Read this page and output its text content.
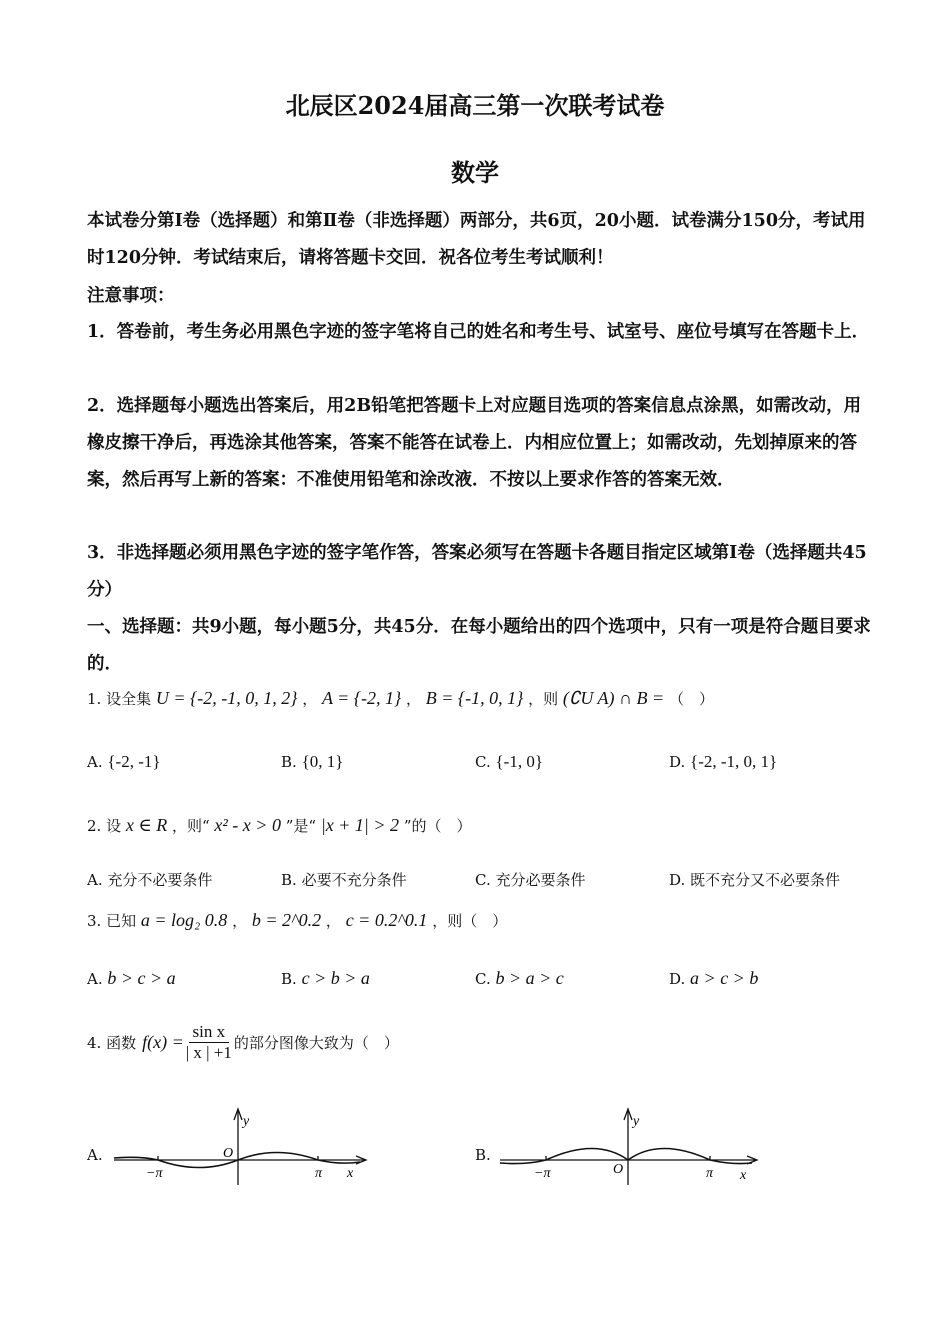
北辰区2024届高三第一次联考试卷
数学
本试卷分第Ⅰ卷（选择题）和第Ⅱ卷（非选择题）两部分，共6页，20小题．试卷满分150分，考试用时120分钟．考试结束后，请将答题卡交回．祝各位考生考试顺利！
注意事项：
1．答卷前，考生务必用黑色字迹的签字笔将自己的姓名和考生号、试室号、座位号填写在答题卡上．
2．选择题每小题选出答案后，用2B铅笔把答题卡上对应题目选项的答案信息点涂黑，如需改动，用橡皮擦干净后，再选涂其他答案，答案不能答在试卷上．内相应位置上；如需改动，先划掉原来的答案，然后再写上新的答案：不准使用铅笔和涂改液．不按以上要求作答的答案无效．
3．非选择题必须用黑色字迹的签字笔作答，答案必须写在答题卡各题目指定区域第Ⅰ卷（选择题共45分）
一、选择题：共9小题，每小题5分，共45分．在每小题给出的四个选项中，只有一项是符合题目要求的．
1. 设全集 U = {-2, -1, 0, 1, 2} ， A = {-2, 1} ， B = {-1, 0, 1} ，则 (∁U A) ∩ B = （　）
A. {-2, -1}	B. {0, 1}	C. {-1, 0}	D. {-2, -1, 0, 1}
2. 设 x ∈ R ，则“ x² - x > 0 ”是“ |x + 1| > 2 ”的（　）
A. 充分不必要条件	B. 必要不充分条件	C. 充分必要条件	D. 既不充分又不必要条件
3. 已知 a = log₂ 0.8 ， b = 2^0.2 ， c = 0.2^0.1 ，则（　）
A. b > c > a	B. c > b > a	C. b > a > c	D. a > c > b
4. 函数 $f(x) = \frac{\text{sin x}}{| x | +1}$ 的部分图像大致为（　）
A.
y
x
O
−π	π
B.
y
x
O
−π	π
